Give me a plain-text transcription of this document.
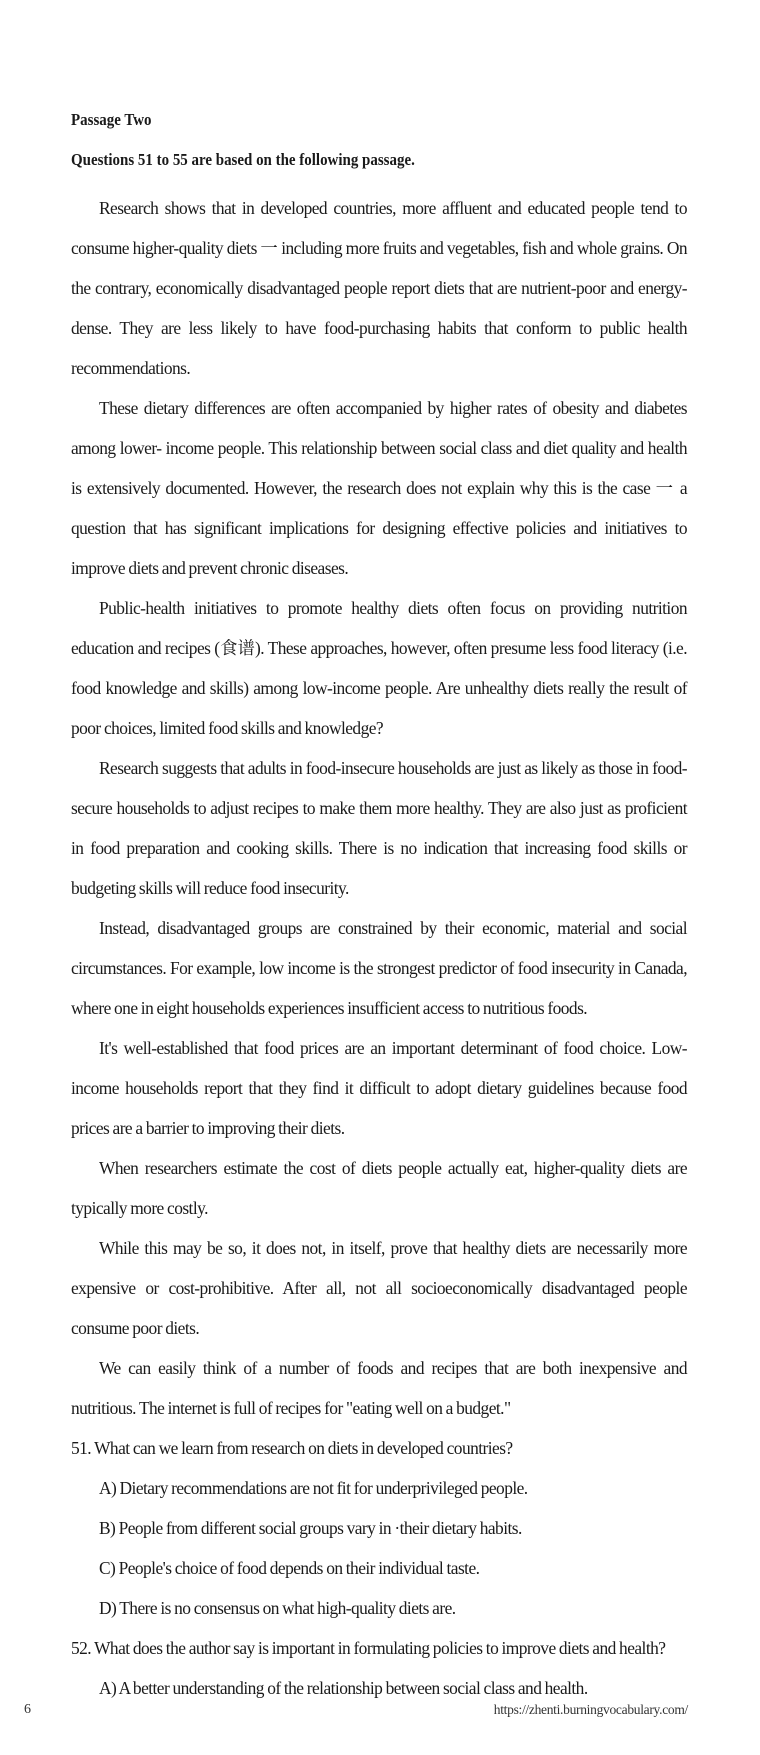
Passage Two
Questions 51 to 55 are based on the following passage.

Research shows that in developed countries, more affluent and educated people tend to consume higher-quality diets 一 including more fruits and vegetables, fish and whole grains. On the contrary, economically disadvantaged people report diets that are nutrient-poor and energy-dense. They are less likely to have food-purchasing habits that conform to public health recommendations.

These dietary differences are often accompanied by higher rates of obesity and diabetes among lower- income people. This relationship between social class and diet quality and health is extensively documented. However, the research does not explain why this is the case 一 a question that has significant implications for designing effective policies and initiatives to improve diets and prevent chronic diseases.

Public-health initiatives to promote healthy diets often focus on providing nutrition education and recipes (食谱). These approaches, however, often presume less food literacy (i.e. food knowledge and skills) among low-income people. Are unhealthy diets really the result of poor choices, limited food skills and knowledge?

Research suggests that adults in food-insecure households are just as likely as those in food-secure households to adjust recipes to make them more healthy. They are also just as proficient in food preparation and cooking skills. There is no indication that increasing food skills or budgeting skills will reduce food insecurity.

Instead, disadvantaged groups are constrained by their economic, material and social circumstances. For example, low income is the strongest predictor of food insecurity in Canada, where one in eight households experiences insufficient access to nutritious foods.

It's well-established that food prices are an important determinant of food choice. Low-income households report that they find it difficult to adopt dietary guidelines because food prices are a barrier to improving their diets.

When researchers estimate the cost of diets people actually eat, higher-quality diets are typically more costly.

While this may be so, it does not, in itself, prove that healthy diets are necessarily more expensive or cost-prohibitive. After all, not all socioeconomically disadvantaged people consume poor diets.

We can easily think of a number of foods and recipes that are both inexpensive and nutritious. The internet is full of recipes for "eating well on a budget."

51. What can we learn from research on diets in developed countries?

A) Dietary recommendations are not fit for underprivileged people.

B) People from different social groups vary in ·their dietary habits.

C) People's choice of food depends on their individual taste.

D) There is no consensus on what high-quality diets are.

52. What does the author say is important in formulating policies to improve diets and health?

A) A better understanding of the relationship between social class and health.

6	https://zhenti.burningvocabulary.com/
